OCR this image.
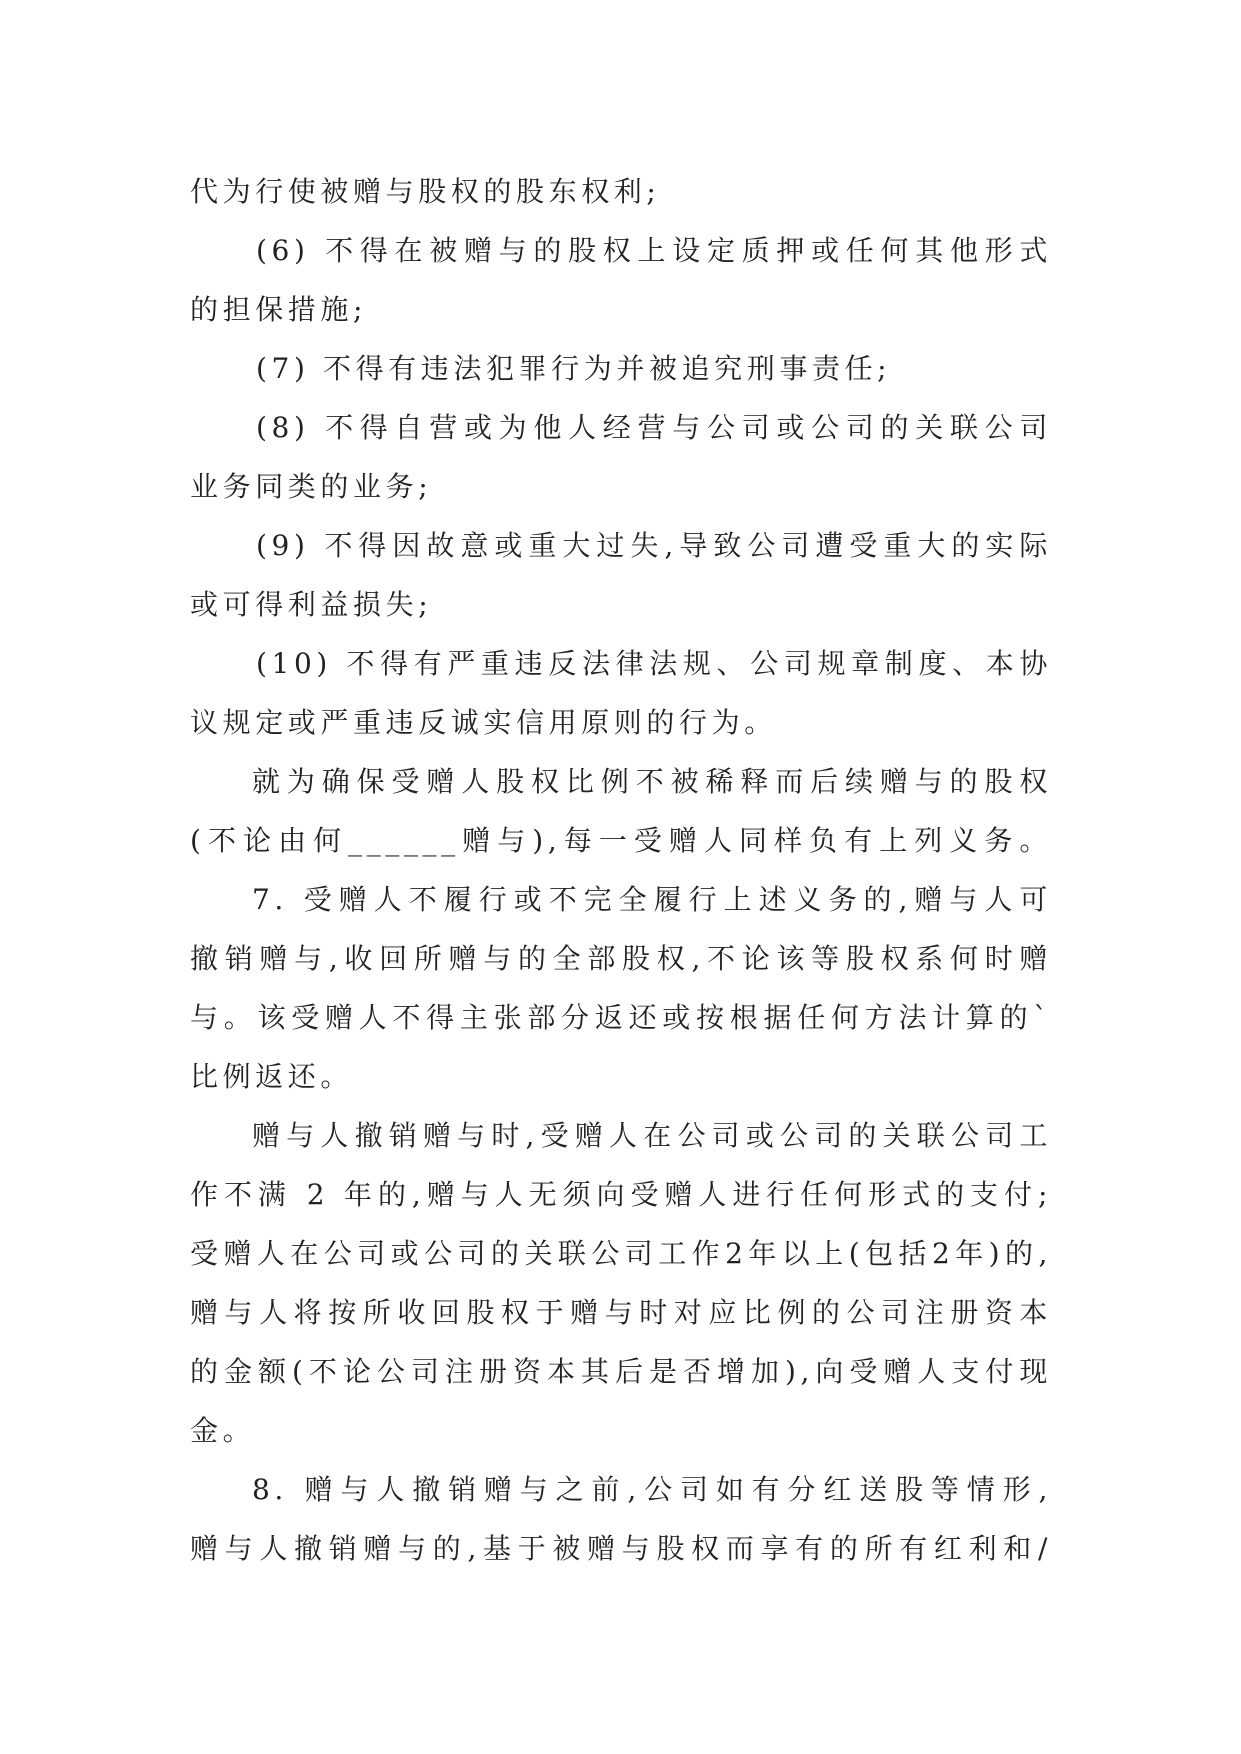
代为行使被赠与股权的股东权利;
(6) 不得在被赠与的股权上设定质押或任何其他形式
的担保措施;
(7) 不得有违法犯罪行为并被追究刑事责任;
(8) 不得自营或为他人经营与公司或公司的关联公司
业务同类的业务;
(9) 不得因故意或重大过失,导致公司遭受重大的实际
或可得利益损失;
(10) 不得有严重违反法律法规、公司规章制度、本协
议规定或严重违反诚实信用原则的行为。
就为确保受赠人股权比例不被稀释而后续赠与的股权
(不论由何______赠与),每一受赠人同样负有上列义务。
7. 受赠人不履行或不完全履行上述义务的,赠与人可
撤销赠与,收回所赠与的全部股权,不论该等股权系何时赠
与。该受赠人不得主张部分返还或按根据任何方法计算的`
比例返还。
赠与人撤销赠与时,受赠人在公司或公司的关联公司工
作不满 2 年的,赠与人无须向受赠人进行任何形式的支付;
受赠人在公司或公司的关联公司工作2年以上(包括2年)的,
赠与人将按所收回股权于赠与时对应比例的公司注册资本
的金额(不论公司注册资本其后是否增加),向受赠人支付现
金。
8. 赠与人撤销赠与之前,公司如有分红送股等情形,
赠与人撤销赠与的,基于被赠与股权而享有的所有红利和/
